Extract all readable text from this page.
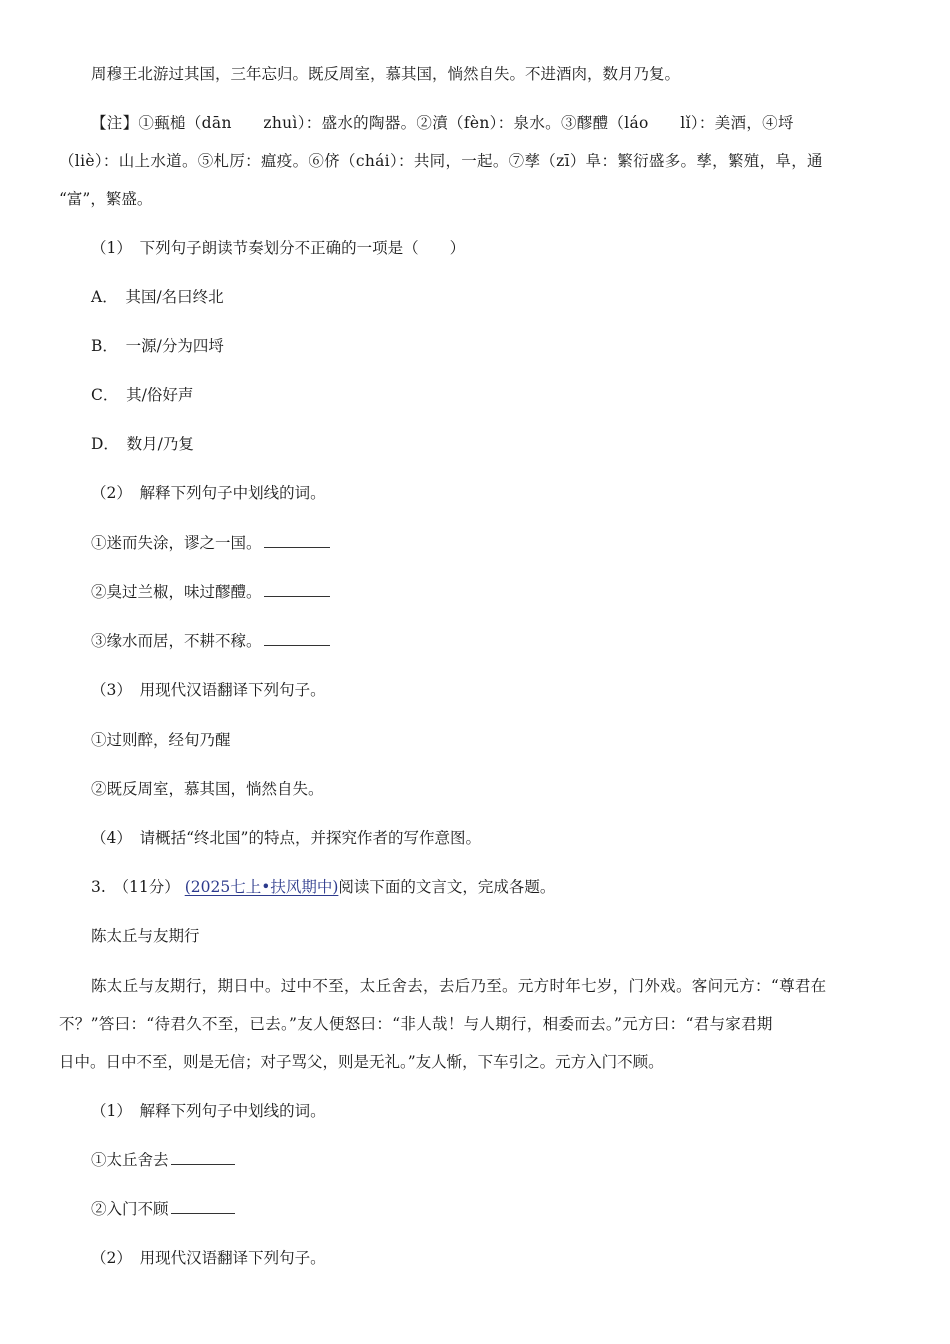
周穆王北游过其国，三年忘归。既反周室，慕其国，惝然自失。不进酒肉，数月乃复。
【注】①甀槌（dān　　zhuì）：盛水的陶器。②濆（fèn）：泉水。③醪醴（láo　　lǐ）：美酒，④埒
（liè）：山上水道。⑤札厉：瘟疫。⑥侪（chái）：共同，一起。⑦孳（zī）阜：繁衍盛多。孳，繁殖，阜，通
“富”，繁盛。
（1）　下列句子朗读节奏划分不正确的一项是（　　）
A．　其国/名曰终北
B．　一源/分为四埒
C．　其/俗好声
D．　数月/乃复
（2）　解释下列句子中划线的词。
①迷而失涂，谬之一国。
②臭过兰椒，味过醪醴。
③缘水而居，不耕不稼。
（3）　用现代汉语翻译下列句子。
①过则醉，经旬乃醒
②既反周室，慕其国，惝然自失。
（4）　请概括“终北国”的特点，并探究作者的写作意图。
3.　（11分） (2025七上•扶风期中)阅读下面的文言文，完成各题。
陈太丘与友期行
陈太丘与友期行，期日中。过中不至，太丘舍去，去后乃至。元方时年七岁，门外戏。客问元方：“尊君在
不？”答曰：“待君久不至，已去。”友人便怒曰：“非人哉！与人期行，相委而去。”元方曰：“君与家君期
日中。日中不至，则是无信；对子骂父，则是无礼。”友人惭，下车引之。元方入门不顾。
（1）　解释下列句子中划线的词。
①太丘舍去
②入门不顾
（2）　用现代汉语翻译下列句子。
